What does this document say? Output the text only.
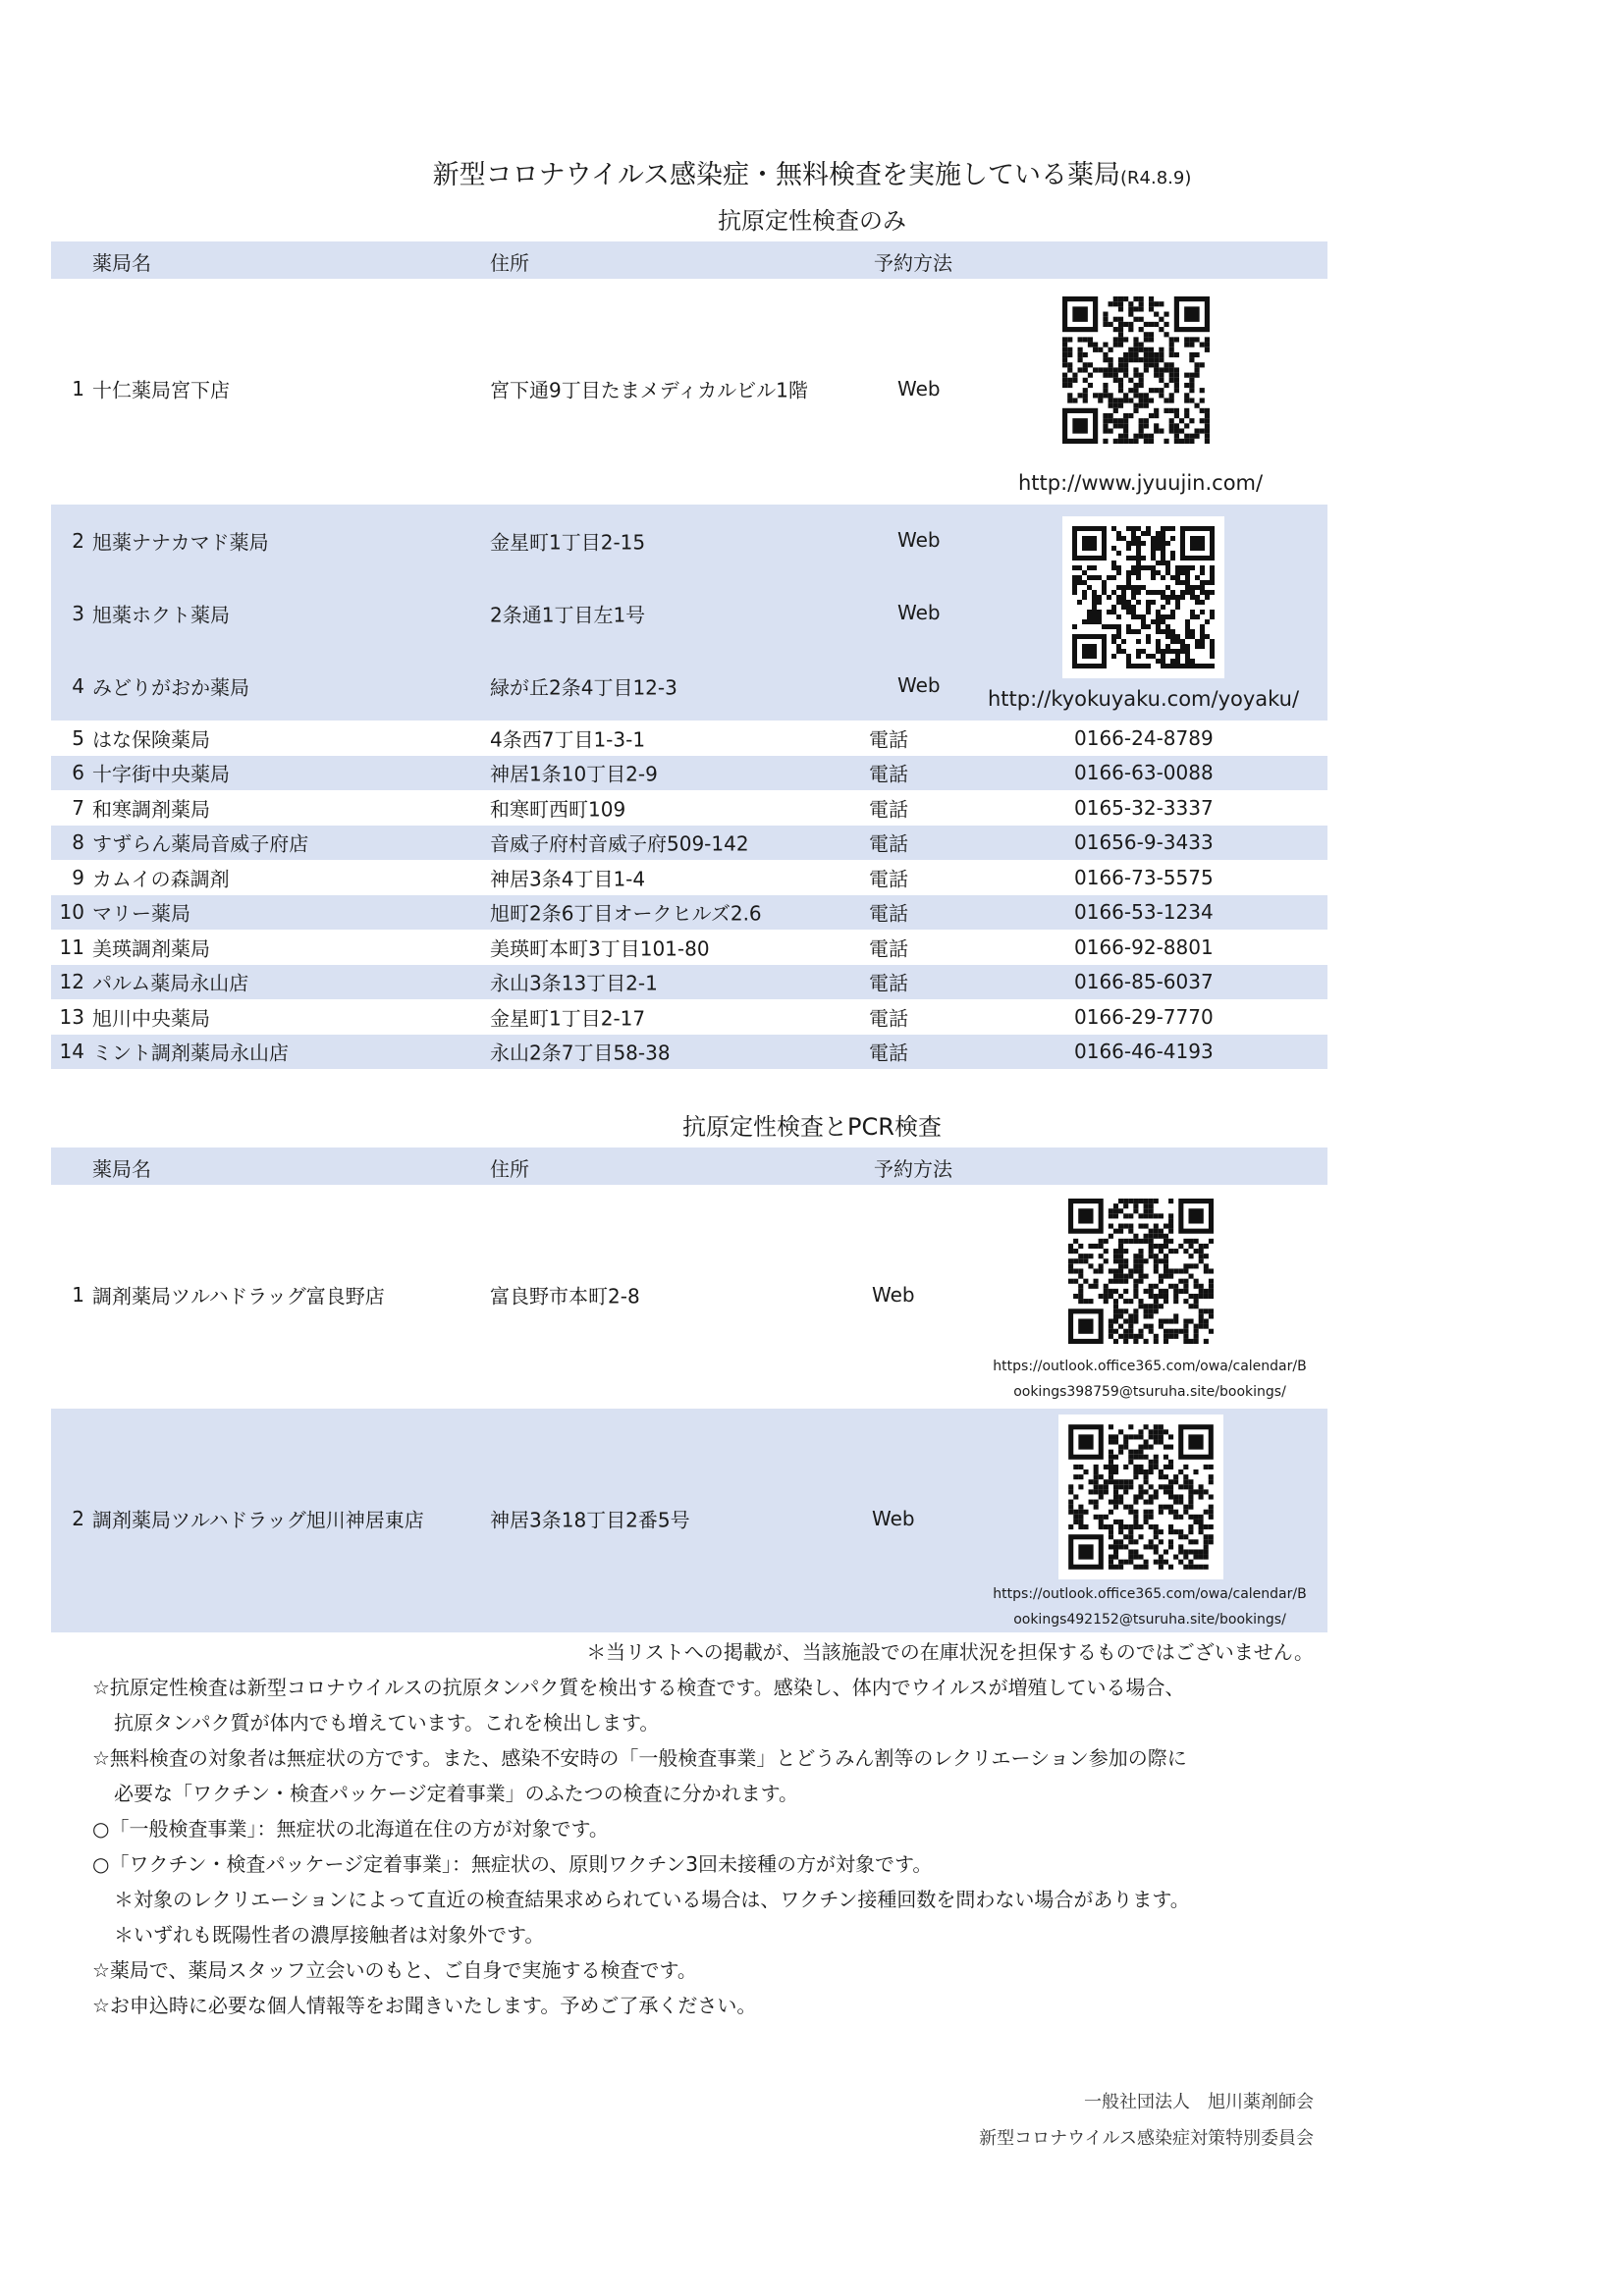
新型コロナウイルス感染症・無料検査を実施している薬局(R4.8.9)
抗原定性検査のみ
薬局名	住所	予約方法
1 十仁薬局宮下店	宮下通9丁目たまメディカルビル1階	Web
http://www.jyuujin.com/
2 旭薬ナナカマド薬局	金星町1丁目2-15	Web
3 旭薬ホクト薬局	2条通1丁目左1号	Web
4 みどりがおか薬局	緑が丘2条4丁目12-3	Web
http://kyokuyaku.com/yoyaku/
5 はな保険薬局	4条西7丁目1-3-1	電話	0166-24-8789
6 十字街中央薬局	神居1条10丁目2-9	電話	0166-63-0088
7 和寒調剤薬局	和寒町西町109	電話	0165-32-3337
8 すずらん薬局音威子府店	音威子府村音威子府509-142	電話	01656-9-3433
9 カムイの森調剤	神居3条4丁目1-4	電話	0166-73-5575
10 マリー薬局	旭町2条6丁目オークヒルズ2.6	電話	0166-53-1234
11 美瑛調剤薬局	美瑛町本町3丁目101-80	電話	0166-92-8801
12 パルム薬局永山店	永山3条13丁目2-1	電話	0166-85-6037
13 旭川中央薬局	金星町1丁目2-17	電話	0166-29-7770
14 ミント調剤薬局永山店	永山2条7丁目58-38	電話	0166-46-4193
抗原定性検査とPCR検査
薬局名	住所	予約方法
1 調剤薬局ツルハドラッグ富良野店	富良野市本町2-8	Web
https://outlook.office365.com/owa/calendar/B
ookings398759@tsuruha.site/bookings/
2 調剤薬局ツルハドラッグ旭川神居東店	神居3条18丁目2番5号	Web
https://outlook.office365.com/owa/calendar/B
ookings492152@tsuruha.site/bookings/
＊当リストへの掲載が、当該施設での在庫状況を担保するものではございません。
☆抗原定性検査は新型コロナウイルスの抗原タンパク質を検出する検査です。感染し、体内でウイルスが増殖している場合、
抗原タンパク質が体内でも増えています。これを検出します。
☆無料検査の対象者は無症状の方です。また、感染不安時の「一般検査事業」とどうみん割等のレクリエーション参加の際に
必要な「ワクチン・検査パッケージ定着事業」のふたつの検査に分かれます。
○「一般検査事業」：無症状の北海道在住の方が対象です。
○「ワクチン・検査パッケージ定着事業」：無症状の、原則ワクチン3回未接種の方が対象です。
＊対象のレクリエーションによって直近の検査結果求められている場合は、ワクチン接種回数を問わない場合があります。
＊いずれも既陽性者の濃厚接触者は対象外です。
☆薬局で、薬局スタッフ立会いのもと、ご自身で実施する検査です。
☆お申込時に必要な個人情報等をお聞きいたします。予めご了承ください。
一般社団法人　旭川薬剤師会
新型コロナウイルス感染症対策特別委員会
